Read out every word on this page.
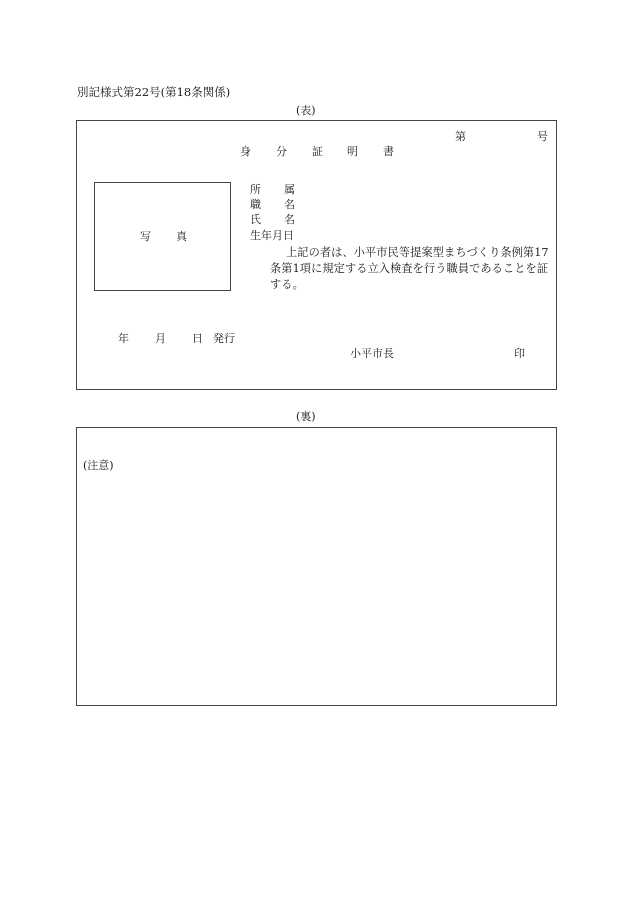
別記様式第22号(第18条関係)
(表)
第	号
身 分 証 明 書
写 真
所 属
職 名
氏 名
生年月日
上記の者は、小平市民等提案型まちづくり条例第17条第1項に規定する立入検査を行う職員であることを証する。
年 月 日 発行
小平市長	印
(裏)
(注意)
